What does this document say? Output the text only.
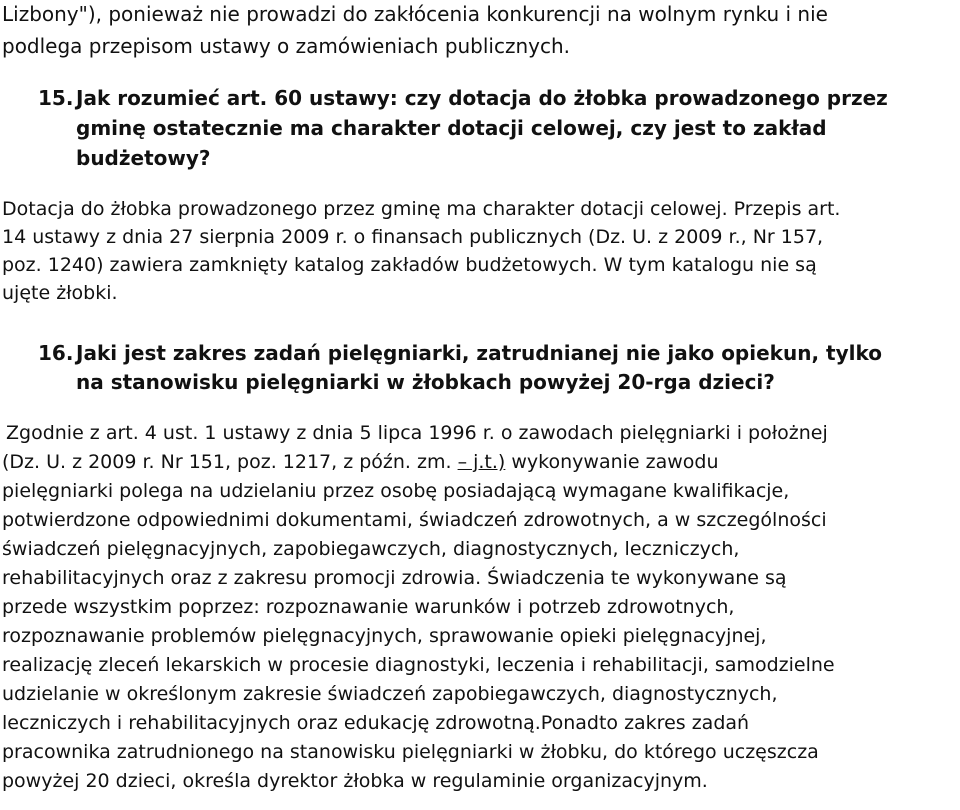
Lizbony"), ponieważ nie prowadzi do zakłócenia konkurencji na wolnym rynku i nie

podlega przepisom ustawy o zamówieniach publicznych.

15. Jak rozumieć art. 60 ustawy: czy dotacja do żłobka prowadzonego przez

gminę ostatecznie ma charakter dotacji celowej, czy jest to zakład

budżetowy?

Dotacja do żłobka prowadzonego przez gminę ma charakter dotacji celowej. Przepis art.

14 ustawy z dnia 27 sierpnia 2009 r. o finansach publicznych (Dz. U. z 2009 r., Nr 157,

poz. 1240) zawiera zamknięty katalog zakładów budżetowych. W tym katalogu nie są

ujęte żłobki.

16. Jaki jest zakres zadań pielęgniarki, zatrudnianej nie jako opiekun, tylko

na stanowisku pielęgniarki w żłobkach powyżej 20-rga dzieci?

Zgodnie z art. 4 ust. 1 ustawy z dnia 5 lipca 1996 r. o zawodach pielęgniarki i położnej

(Dz. U. z 2009 r. Nr 151, poz. 1217, z późn. zm. – j.t.) wykonywanie zawodu

pielęgniarki polega na udzielaniu przez osobę posiadającą wymagane kwalifikacje,

potwierdzone odpowiednimi dokumentami, świadczeń zdrowotnych, a w szczególności

świadczeń pielęgnacyjnych, zapobiegawczych, diagnostycznych, leczniczych,

rehabilitacyjnych oraz z zakresu promocji zdrowia. Świadczenia te wykonywane są

przede wszystkim poprzez: rozpoznawanie warunków i potrzeb zdrowotnych,

rozpoznawanie problemów pielęgnacyjnych, sprawowanie opieki pielęgnacyjnej,

realizację zleceń lekarskich w procesie diagnostyki, leczenia i rehabilitacji, samodzielne

udzielanie w określonym zakresie świadczeń zapobiegawczych, diagnostycznych,

leczniczych i rehabilitacyjnych oraz edukację zdrowotną.Ponadto zakres zadań

pracownika zatrudnionego na stanowisku pielęgniarki w żłobku, do którego uczęszcza

powyżej 20 dzieci, określa dyrektor żłobka w regulaminie organizacyjnym.
